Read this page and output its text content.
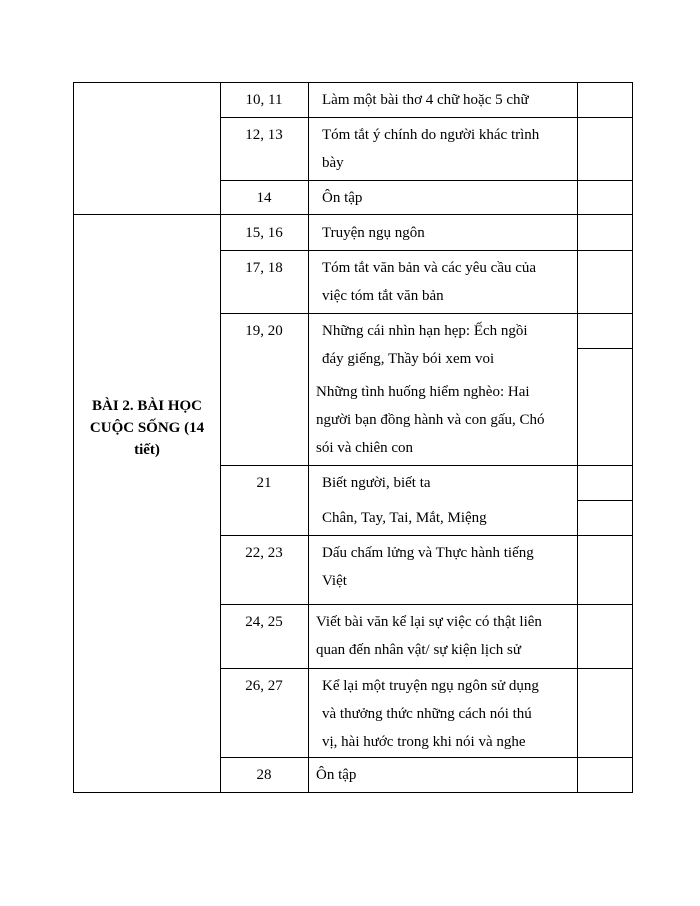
BÀI 2. BÀI HỌC CUỘC SỐNG (14 tiết)
10, 11	Làm một bài thơ 4 chữ hoặc 5 chữ
12, 13	Tóm tắt ý chính do người khác trình
bày
14	Ôn tập
15, 16	Truyện ngụ ngôn
17, 18	Tóm tắt văn bản và các yêu cầu của
việc tóm tắt văn bản
19, 20	Những cái nhìn hạn hẹp: Ếch ngồi
đáy giếng, Thầy bói xem voi
Những tình huống hiểm nghèo: Hai
người bạn đồng hành và con gấu, Chó
sói và chiên con
21	Biết người, biết ta
Chân, Tay, Tai, Mắt, Miệng
22, 23	Dấu chấm lửng và Thực hành tiếng
Việt
24, 25	Viết bài văn kể lại sự việc có thật liên
quan đến nhân vật/ sự kiện lịch sử
26, 27	Kể lại một truyện ngụ ngôn sử dụng
và thưởng thức những cách nói thú
vị, hài hước trong khi nói và nghe
28	Ôn tập
